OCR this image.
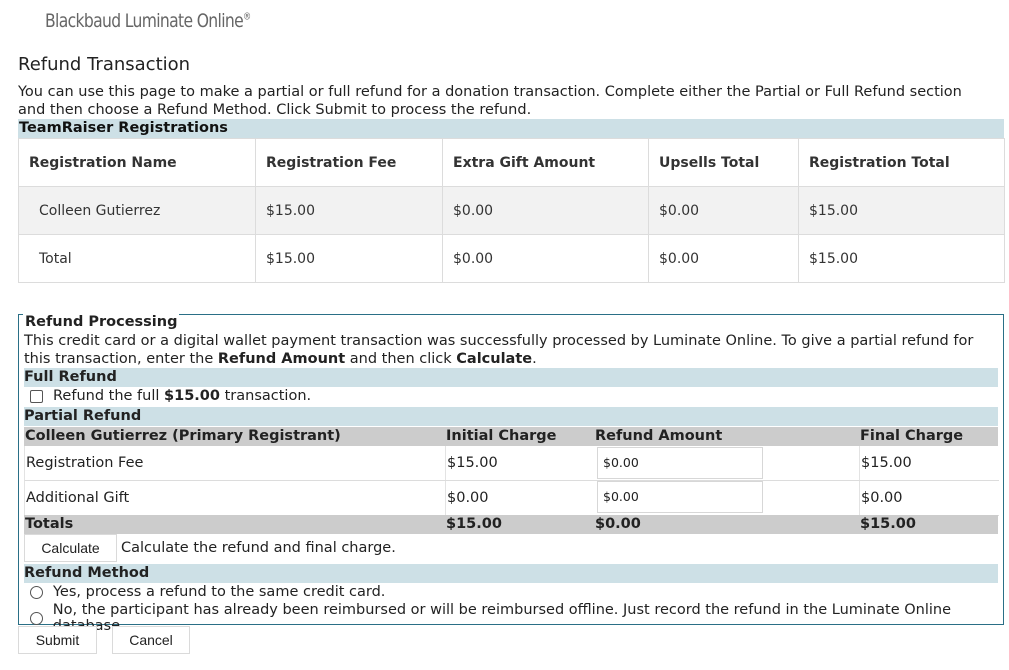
Blackbaud Luminate Online®
Refund Transaction
You can use this page to make a partial or full refund for a donation transaction. Complete either the Partial or Full Refund section and then choose a Refund Method. Click Submit to process the refund.
TeamRaiser Registrations
Registration Name	Registration Fee	Extra Gift Amount	Upsells Total	Registration Total
Colleen Gutierrez	$15.00	$0.00	$0.00	$15.00
Total	$15.00	$0.00	$0.00	$15.00
Refund Processing
This credit card or a digital wallet payment transaction was successfully processed by Luminate Online. To give a partial refund for this transaction, enter the Refund Amount and then click Calculate.
Full Refund
Refund the full $15.00 transaction.
Partial Refund
Colleen Gutierrez (Primary Registrant)	Initial Charge	Refund Amount	Final Charge
Registration Fee	$15.00	$0.00	$15.00
Additional Gift	$0.00	$0.00	$0.00
Totals	$15.00	$0.00	$15.00
Calculate	Calculate the refund and final charge.
Refund Method
Yes, process a refund to the same credit card.
No, the participant has already been reimbursed or will be reimbursed offline. Just record the refund in the Luminate Online
Submit	Cancel
